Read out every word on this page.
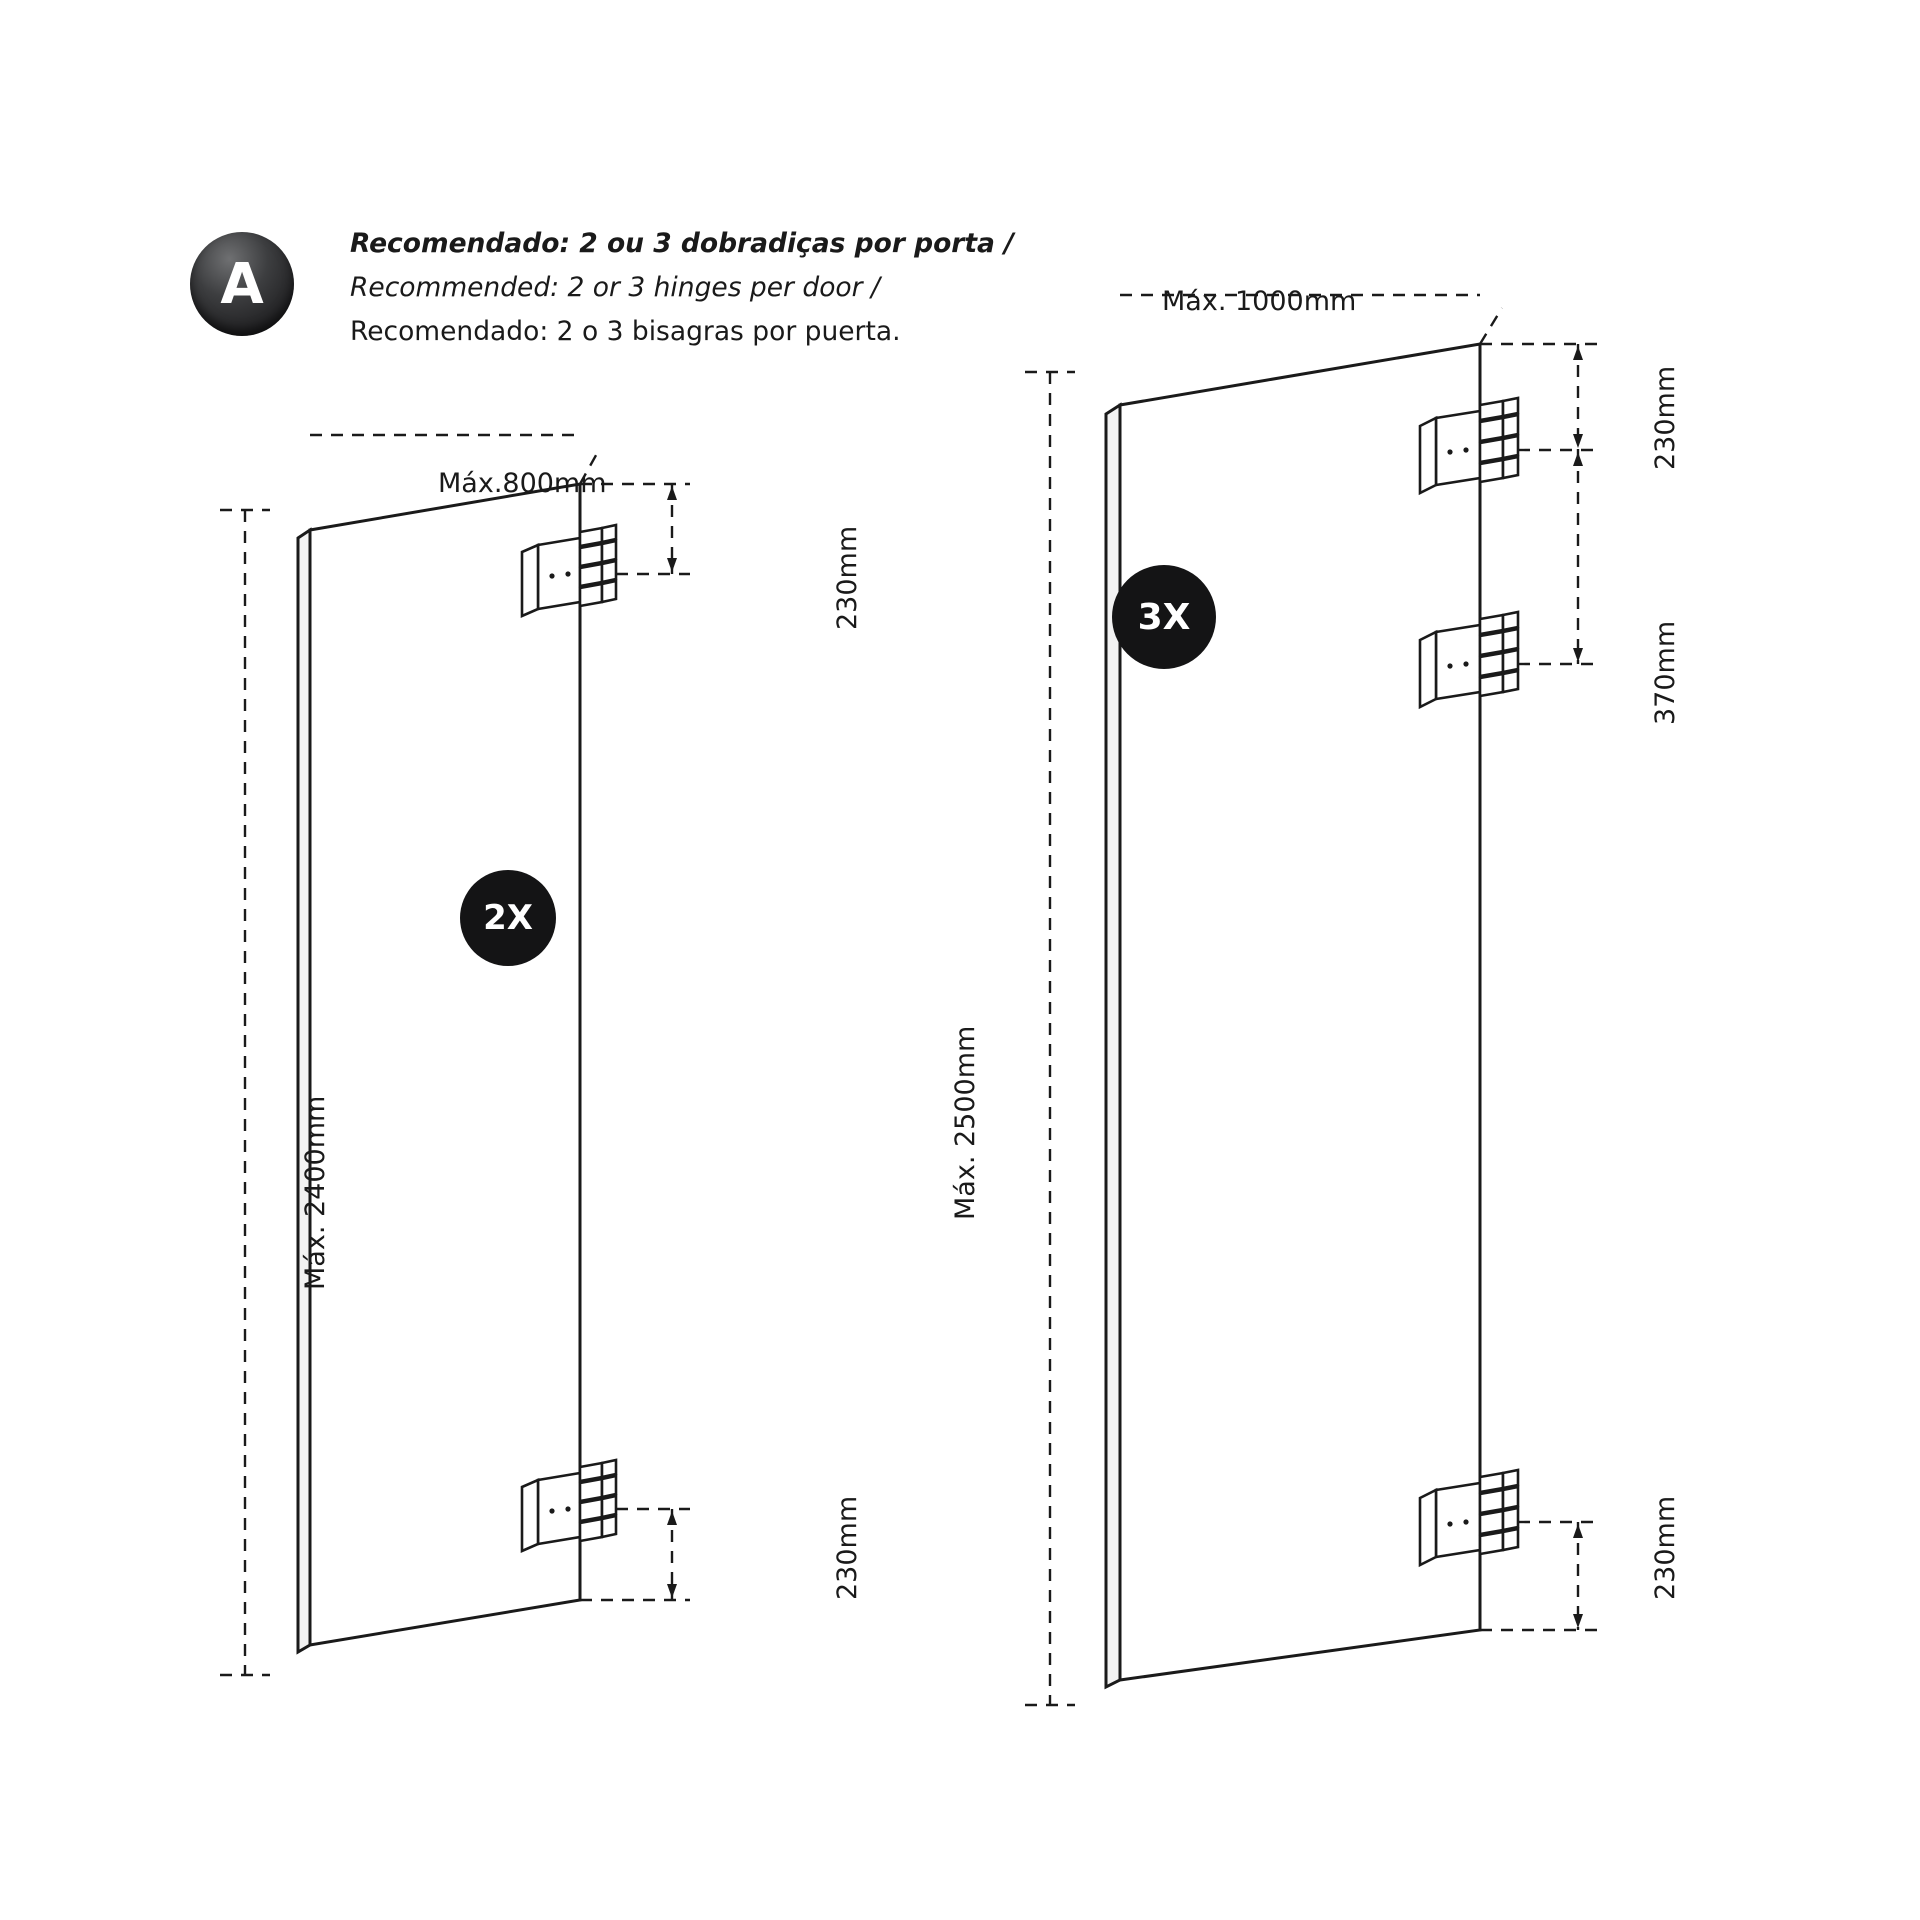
A
Recomendado: 2 ou 3 dobradiças por porta /
Recommended: 2 or 3 hinges per door /
Recomendado: 2 o 3 bisagras por puerta.
2X
Máx.800mm
Máx. 2400mm
230mm
230mm
3X
Máx. 1000mm
Máx. 2500mm
230mm
370mm
230mm
